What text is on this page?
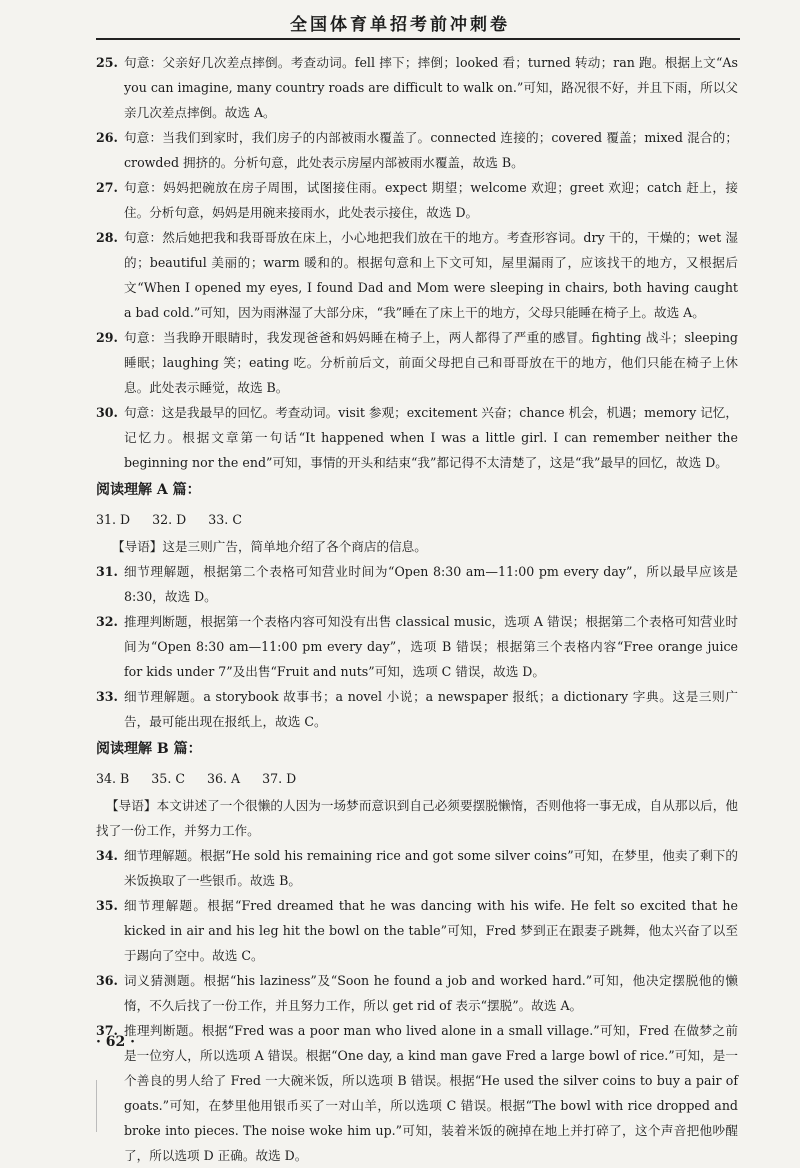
全国体育单招考前冲刺卷
25. 句意：父亲好几次差点摔倒。考查动词。fell 摔下；摔倒；looked 看；turned 转动；ran 跑。根据上文“As you can imagine, many country roads are difficult to walk on.”可知，路况很不好，并且下雨，所以父亲几次差点摔倒。故选 A。
26. 句意：当我们到家时，我们房子的内部被雨水覆盖了。connected 连接的；covered 覆盖；mixed 混合的；crowded 拥挤的。分析句意，此处表示房屋内部被雨水覆盖，故选 B。
27. 句意：妈妈把碗放在房子周围，试图接住雨。expect 期望；welcome 欢迎；greet 欢迎；catch 赶上，接住。分析句意，妈妈是用碗来接雨水，此处表示接住，故选 D。
28. 句意：然后她把我和我哥哥放在床上，小心地把我们放在干的地方。考查形容词。dry 干的，干燥的；wet 湿的；beautiful 美丽的；warm 暖和的。根据句意和上下文可知，屋里漏雨了，应该找干的地方，又根据后文“When I opened my eyes, I found Dad and Mom were sleeping in chairs, both having caught a bad cold.”可知，因为雨淋湿了大部分床，“我”睡在了床上干的地方，父母只能睡在椅子上。故选 A。
29. 句意：当我睁开眼睛时，我发现爸爸和妈妈睡在椅子上，两人都得了严重的感冒。fighting 战斗；sleeping 睡眠；laughing 笑；eating 吃。分析前后文，前面父母把自己和哥哥放在干的地方，他们只能在椅子上休息。此处表示睡觉，故选 B。
30. 句意：这是我最早的回忆。考查动词。visit 参观；excitement 兴奋；chance 机会，机遇；memory 记忆，记忆力。根据文章第一句话“It happened when I was a little girl. I can remember neither the beginning nor the end”可知，事情的开头和结束“我”都记得不太清楚了，这是“我”最早的回忆，故选 D。
阅读理解 A 篇：
31. D 32. D 33. C
【导语】这是三则广告，简单地介绍了各个商店的信息。
31. 细节理解题，根据第二个表格可知营业时间为“Open 8:30 am—11:00 pm every day”，所以最早应该是 8:30，故选 D。
32. 推理判断题，根据第一个表格内容可知没有出售 classical music，选项 A 错误；根据第二个表格可知营业时间为“Open 8:30 am—11:00 pm every day”，选项 B 错误；根据第三个表格内容“Free orange juice for kids under 7”及出售“Fruit and nuts”可知，选项 C 错误，故选 D。
33. 细节理解题。a storybook 故事书；a novel 小说；a newspaper 报纸；a dictionary 字典。这是三则广告，最可能出现在报纸上，故选 C。
阅读理解 B 篇：
34. B 35. C 36. A 37. D
【导语】本文讲述了一个很懒的人因为一场梦而意识到自己必须要摆脱懒惰，否则他将一事无成，自从那以后，他找了一份工作，并努力工作。
34. 细节理解题。根据“He sold his remaining rice and got some silver coins”可知，在梦里，他卖了剩下的米饭换取了一些银币。故选 B。
35. 细节理解题。根据“Fred dreamed that he was dancing with his wife. He felt so excited that he kicked in air and his leg hit the bowl on the table”可知，Fred 梦到正在跟妻子跳舞，他太兴奋了以至于踢向了空中。故选 C。
36. 词义猜测题。根据“his laziness”及“Soon he found a job and worked hard.”可知，他决定摆脱他的懒惰，不久后找了一份工作，并且努力工作，所以 get rid of 表示“摆脱”。故选 A。
37. 推理判断题。根据“Fred was a poor man who lived alone in a small village.”可知，Fred 在做梦之前是一位穷人，所以选项 A 错误。根据“One day, a kind man gave Fred a large bowl of rice.”可知，是一个善良的男人给了 Fred 一大碗米饭，所以选项 B 错误。根据“He used the silver coins to buy a pair of goats.”可知，在梦里他用银币买了一对山羊，所以选项 C 错误。根据“The bowl with rice dropped and broke into pieces. The noise woke him up.”可知，装着米饭的碗掉在地上并打碎了，这个声音把他吵醒了，所以选项 D 正确。故选 D。
· 62 ·
